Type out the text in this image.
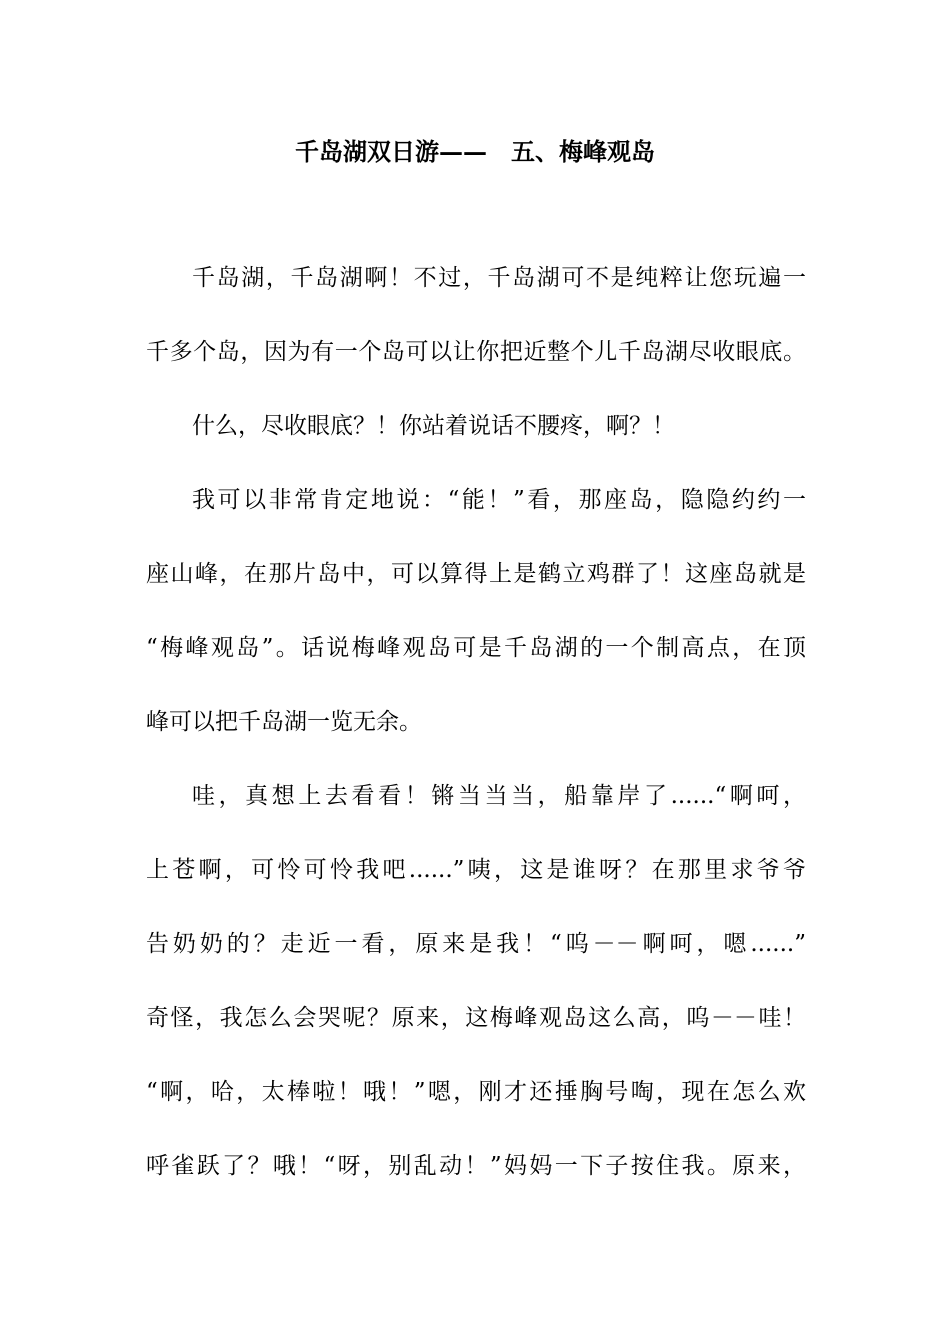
千岛湖双日游——　五、梅峰观岛
千岛湖，千岛湖啊！不过，千岛湖可不是纯粹让您玩遍一
千多个岛，因为有一个岛可以让你把近整个儿千岛湖尽收眼底。
什么，尽收眼底？！你站着说话不腰疼，啊？！
我可以非常肯定地说：“能！”看，那座岛，隐隐约约一
座山峰，在那片岛中，可以算得上是鹤立鸡群了！这座岛就是
“梅峰观岛”。话说梅峰观岛可是千岛湖的一个制高点，在顶
峰可以把千岛湖一览无余。
哇，真想上去看看！锵当当当，船靠岸了......“啊呵，
上苍啊，可怜可怜我吧......”咦，这是谁呀？在那里求爷爷
告奶奶的？走近一看，原来是我！“呜－－啊呵，嗯......”
奇怪，我怎么会哭呢？原来，这梅峰观岛这么高，呜－－哇！
“啊，哈，太棒啦！哦！”嗯，刚才还捶胸号啕，现在怎么欢
呼雀跃了？哦！“呀，别乱动！”妈妈一下子按住我。原来，
